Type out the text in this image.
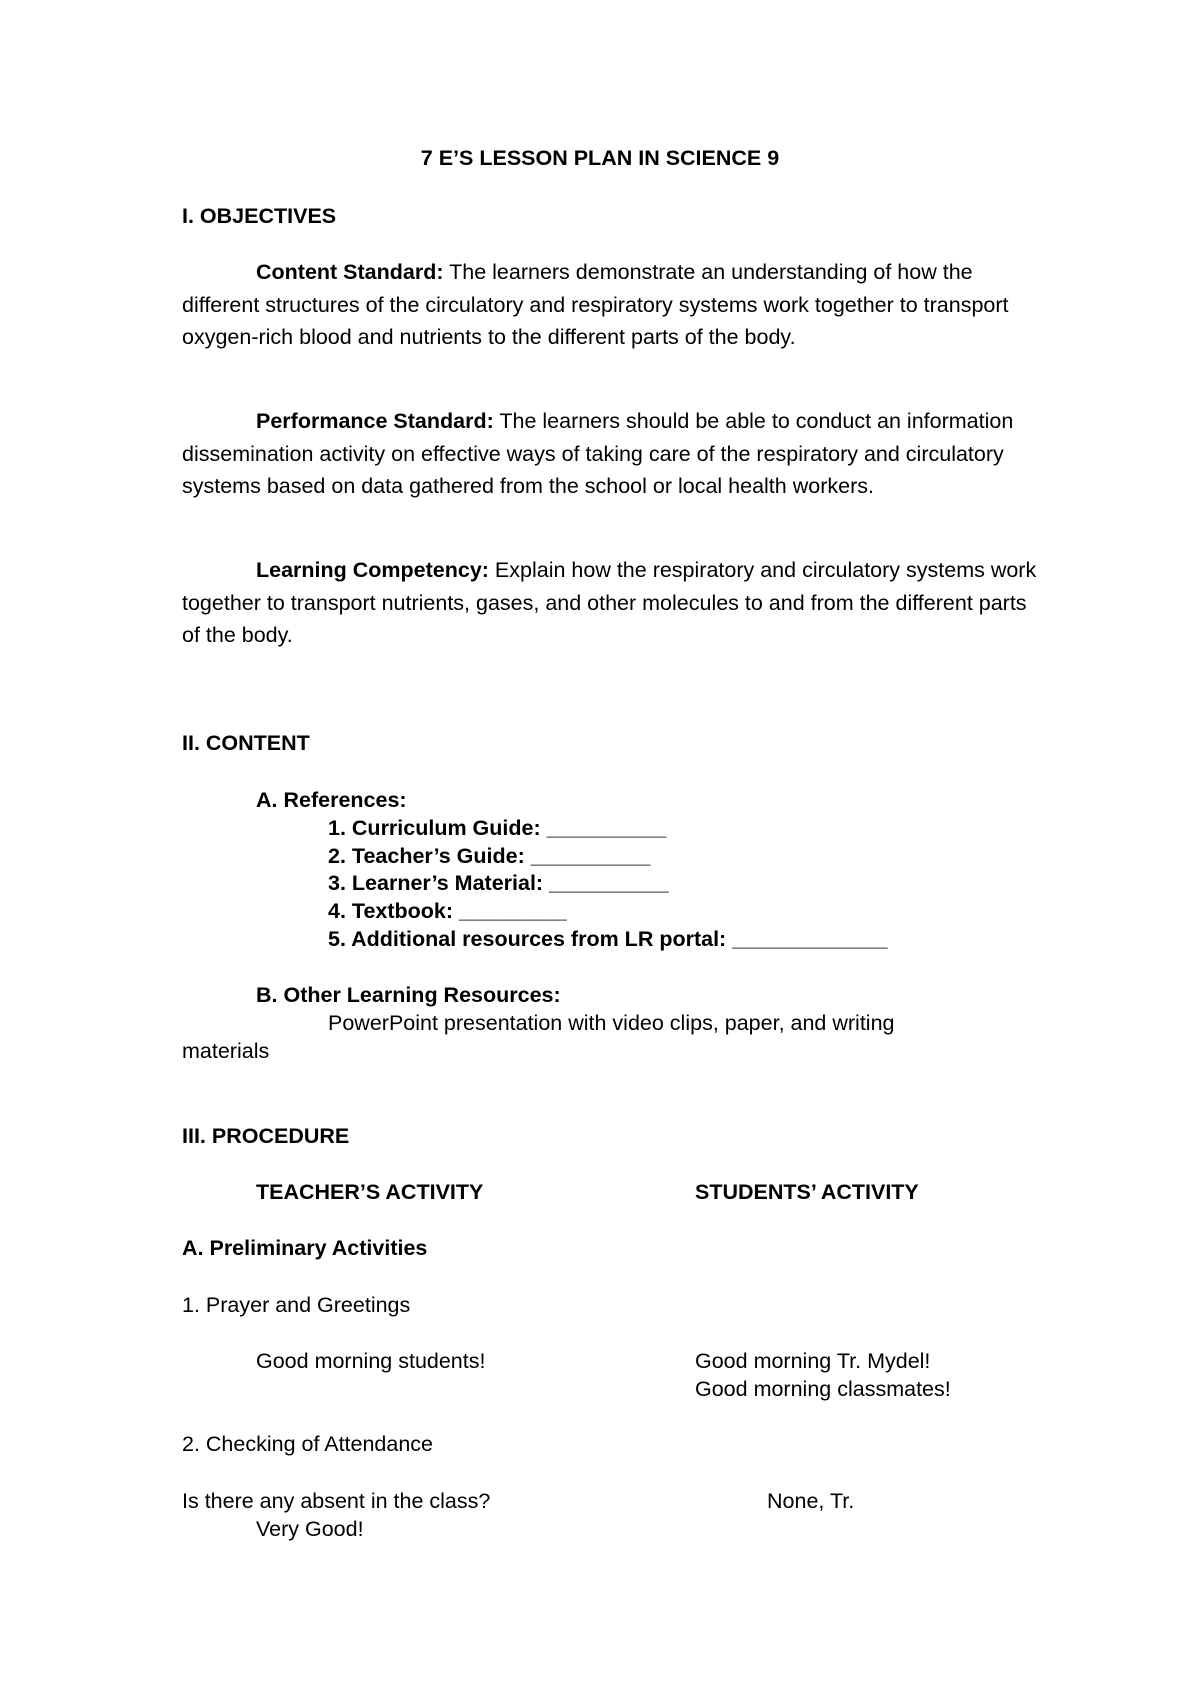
7 E’S LESSON PLAN IN SCIENCE 9
I. OBJECTIVES
Content Standard: The learners demonstrate an understanding of how the different structures of the circulatory and respiratory systems work together to transport oxygen-rich blood and nutrients to the different parts of the body.
Performance Standard: The learners should be able to conduct an information dissemination activity on effective ways of taking care of the respiratory and circulatory systems based on data gathered from the school or local health workers.
Learning Competency: Explain how the respiratory and circulatory systems work together to transport nutrients, gases, and other molecules to and from the different parts of the body.
II. CONTENT
A. References:
1. Curriculum Guide: __________
2. Teacher’s Guide: __________
3. Learner’s Material: __________
4. Textbook: _________
5. Additional resources from LR portal: _____________
B. Other Learning Resources:
PowerPoint presentation with video clips, paper, and writing
materials
III. PROCEDURE
TEACHER’S ACTIVITY	STUDENTS’ ACTIVITY
A. Preliminary Activities
1. Prayer and Greetings
Good morning students!	Good morning Tr. Mydel!
Good morning classmates!
2. Checking of Attendance
Is there any absent in the class?	None, Tr.
Very Good!
